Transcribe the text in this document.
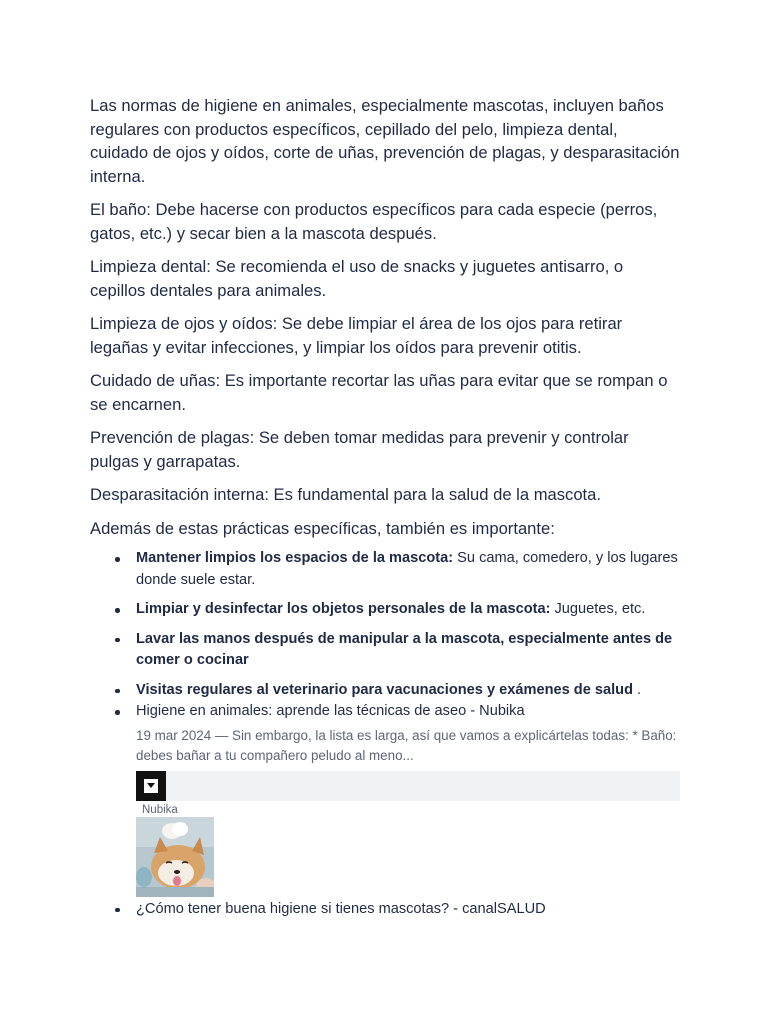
Las normas de higiene en animales, especialmente mascotas, incluyen baños regulares con productos específicos, cepillado del pelo, limpieza dental, cuidado de ojos y oídos, corte de uñas, prevención de plagas, y desparasitación interna.

El baño: Debe hacerse con productos específicos para cada especie (perros, gatos, etc.) y secar bien a la mascota después.

Limpieza dental: Se recomienda el uso de snacks y juguetes antisarro, o cepillos dentales para animales.

Limpieza de ojos y oídos: Se debe limpiar el área de los ojos para retirar legañas y evitar infecciones, y limpiar los oídos para prevenir otitis.

Cuidado de uñas: Es importante recortar las uñas para evitar que se rompan o se encarnen.

Prevención de plagas: Se deben tomar medidas para prevenir y controlar pulgas y garrapatas.

Desparasitación interna: Es fundamental para la salud de la mascota.

Además de estas prácticas específicas, también es importante:

Mantener limpios los espacios de la mascota: Su cama, comedero, y los lugares donde suele estar.
Limpiar y desinfectar los objetos personales de la mascota: Juguetes, etc.
Lavar las manos después de manipular a la mascota, especialmente antes de comer o cocinar
Visitas regulares al veterinario para vacunaciones y exámenes de salud .
Higiene en animales: aprende las técnicas de aseo - Nubika
19 mar 2024 — Sin embargo, la lista es larga, así que vamos a explicártelas todas: * Baño: debes bañar a tu compañero peludo al meno...
Nubika
¿Cómo tener buena higiene si tienes mascotas? - canalSALUD
